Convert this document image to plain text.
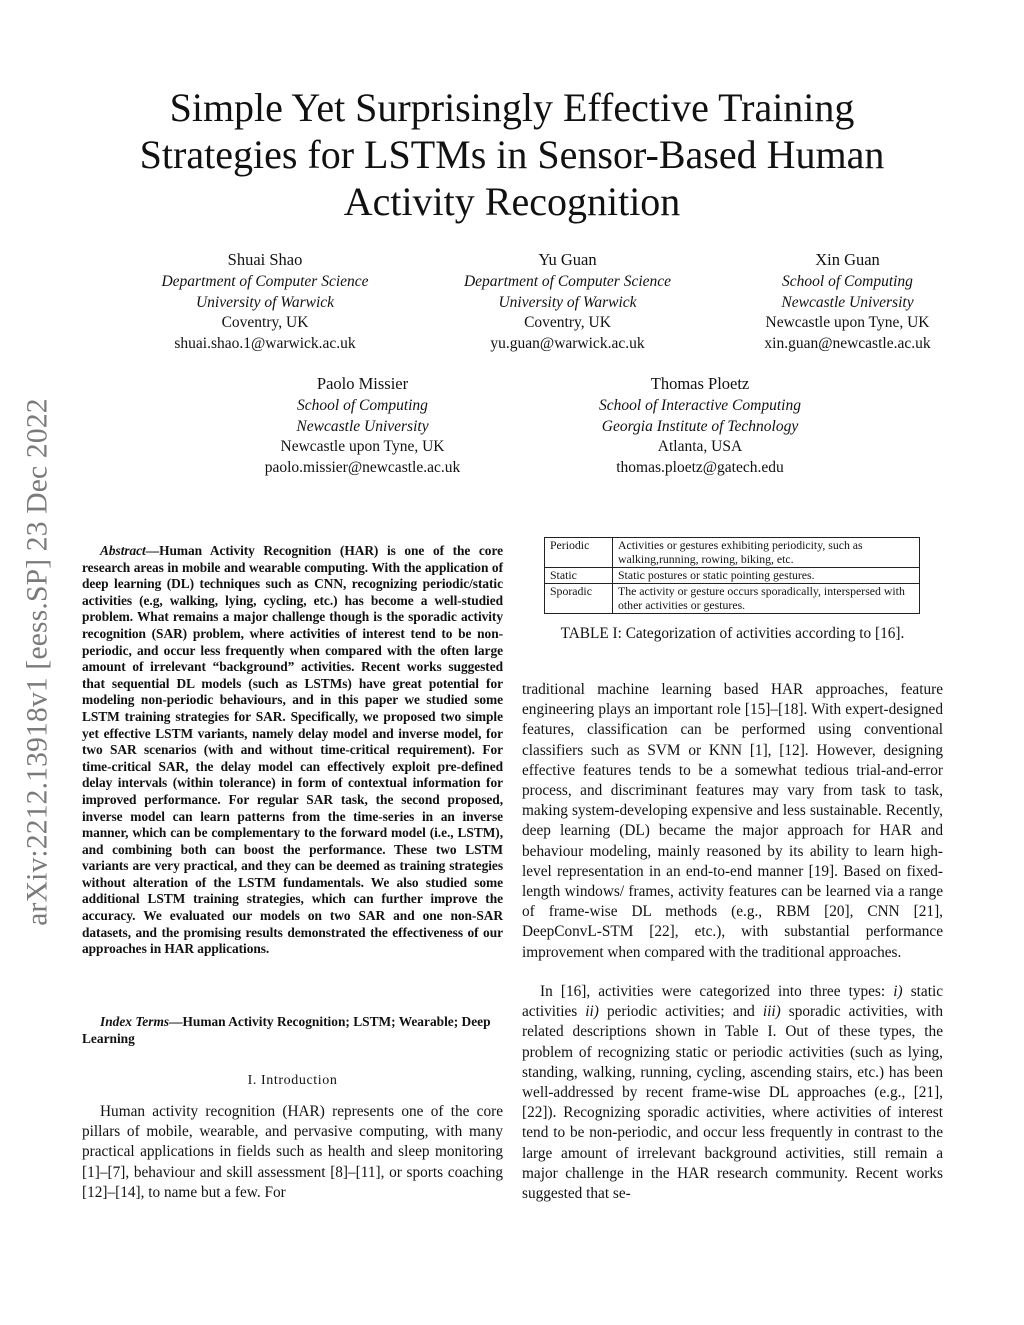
arXiv:2212.13918v1 [eess.SP] 23 Dec 2022
Simple Yet Surprisingly Effective Training Strategies for LSTMs in Sensor-Based Human Activity Recognition
Shuai Shao
Department of Computer Science
University of Warwick
Coventry, UK
shuai.shao.1@warwick.ac.uk
Yu Guan
Department of Computer Science
University of Warwick
Coventry, UK
yu.guan@warwick.ac.uk
Xin Guan
School of Computing
Newcastle University
Newcastle upon Tyne, UK
xin.guan@newcastle.ac.uk
Paolo Missier
School of Computing
Newcastle University
Newcastle upon Tyne, UK
paolo.missier@newcastle.ac.uk
Thomas Ploetz
School of Interactive Computing
Georgia Institute of Technology
Atlanta, USA
thomas.ploetz@gatech.edu

Abstract—Human Activity Recognition (HAR) is one of the core research areas in mobile and wearable computing. With the application of deep learning (DL) techniques such as CNN, recognizing periodic/static activities (e.g, walking, lying, cycling, etc.) has become a well-studied problem. What remains a major challenge though is the sporadic activity recognition (SAR) problem, where activities of interest tend to be non-periodic, and occur less frequently when compared with the often large amount of irrelevant “background” activities. Recent works suggested that sequential DL models (such as LSTMs) have great potential for modeling non-periodic behaviours, and in this paper we studied some LSTM training strategies for SAR. Specifically, we proposed two simple yet effective LSTM variants, namely delay model and inverse model, for two SAR scenarios (with and without time-critical requirement). For time-critical SAR, the delay model can effectively exploit pre-defined delay intervals (within tolerance) in form of contextual information for improved performance. For regular SAR task, the second proposed, inverse model can learn patterns from the time-series in an inverse manner, which can be complementary to the forward model (i.e., LSTM), and combining both can boost the performance. These two LSTM variants are very practical, and they can be deemed as training strategies without alteration of the LSTM fundamentals. We also studied some additional LSTM training strategies, which can further improve the accuracy. We evaluated our models on two SAR and one non-SAR datasets, and the promising results demonstrated the effectiveness of our approaches in HAR applications.

Index Terms—Human Activity Recognition; LSTM; Wearable; Deep Learning

I. Introduction

Human activity recognition (HAR) represents one of the core pillars of mobile, wearable, and pervasive computing, with many practical applications in fields such as health and sleep monitoring [1]–[7], behaviour and skill assessment [8]–[11], or sports coaching [12]–[14], to name but a few. For

Periodic	Activities or gestures exhibiting periodicity, such as walking,running, rowing, biking, etc.
Static	Static postures or static pointing gestures.
Sporadic	The activity or gesture occurs sporadically, interspersed with other activities or gestures.
TABLE I: Categorization of activities according to [16].

traditional machine learning based HAR approaches, feature engineering plays an important role [15]–[18]. With expert-designed features, classification can be performed using conventional classifiers such as SVM or KNN [1], [12]. However, designing effective features tends to be a somewhat tedious trial-and-error process, and discriminant features may vary from task to task, making system-developing expensive and less sustainable. Recently, deep learning (DL) became the major approach for HAR and behaviour modeling, mainly reasoned by its ability to learn high-level representation in an end-to-end manner [19]. Based on fixed-length windows/ frames, activity features can be learned via a range of frame-wise DL methods (e.g., RBM [20], CNN [21], DeepConvL-STM [22], etc.), with substantial performance improvement when compared with the traditional approaches.

In [16], activities were categorized into three types: i) static activities ii) periodic activities; and iii) sporadic activities, with related descriptions shown in Table I. Out of these types, the problem of recognizing static or periodic activities (such as lying, standing, walking, running, cycling, ascending stairs, etc.) has been well-addressed by recent frame-wise DL approaches (e.g., [21], [22]). Recognizing sporadic activities, where activities of interest tend to be non-periodic, and occur less frequently in contrast to the large amount of irrelevant background activities, still remain a major challenge in the HAR research community. Recent works suggested that se-
